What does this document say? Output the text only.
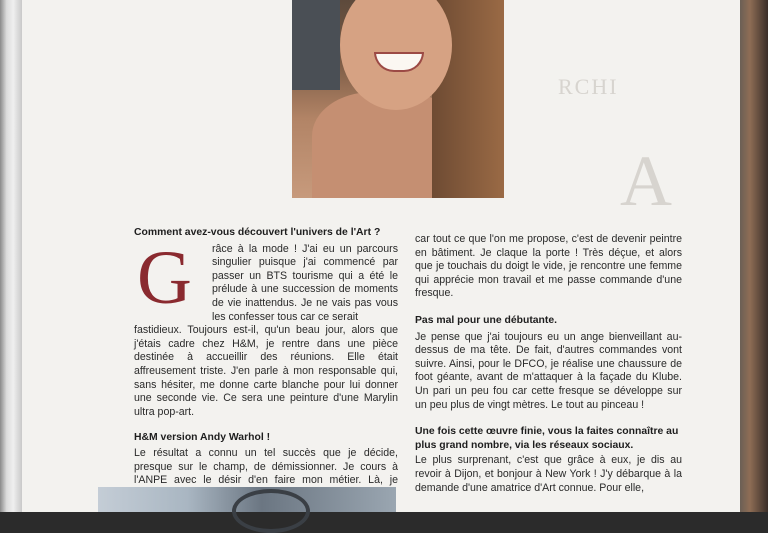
RCHI
A

Comment avez-vous découvert l'univers de l'Art ?

râce à la mode ! J'ai eu un parcours singulier puisque j'ai commencé par passer un BTS tourisme qui a été le prélude à une succession de moments de vie inattendus. Je ne vais pas vous les confesser tous car ce serait

fastidieux. Toujours est-il, qu'un beau jour, alors que j'étais cadre chez H&M, je rentre dans une pièce destinée à accueillir des réunions. Elle était affreusement triste. J'en parle à mon responsable qui, sans hésiter, me donne carte blanche pour lui donner une seconde vie. Ce sera une peinture d'une Marylin ultra pop-art.

H&M version Andy Warhol !

Le résultat a connu un tel succès que je décide, presque sur le champ, de démissionner. Je cours à l'ANPE avec le désir d'en faire mon métier. Là, je

G	car tout ce que l'on me propose, c'est de devenir peintre en bâtiment. Je claque la porte ! Très déçue, et alors que je touchais du doigt le vide, je rencontre une femme qui apprécie mon travail et me passe commande d'une fresque.

Pas mal pour une débutante.

Je pense que j'ai toujours eu un ange bienveillant au-dessus de ma tête. De fait, d'autres commandes vont suivre. Ainsi, pour le DFCO, je réalise une chaussure de foot géante, avant de m'attaquer à la façade du Klube. Un pari un peu fou car cette fresque se développe sur un peu plus de vingt mètres. Le tout au pinceau !

Une fois cette œuvre finie, vous la faites connaître au plus grand nombre, via les réseaux sociaux.

Le plus surprenant, c'est que grâce à eux, je dis au revoir à Dijon, et bonjour à New York ! J'y débarque à la demande d'une amatrice d'Art connue. Pour elle,
